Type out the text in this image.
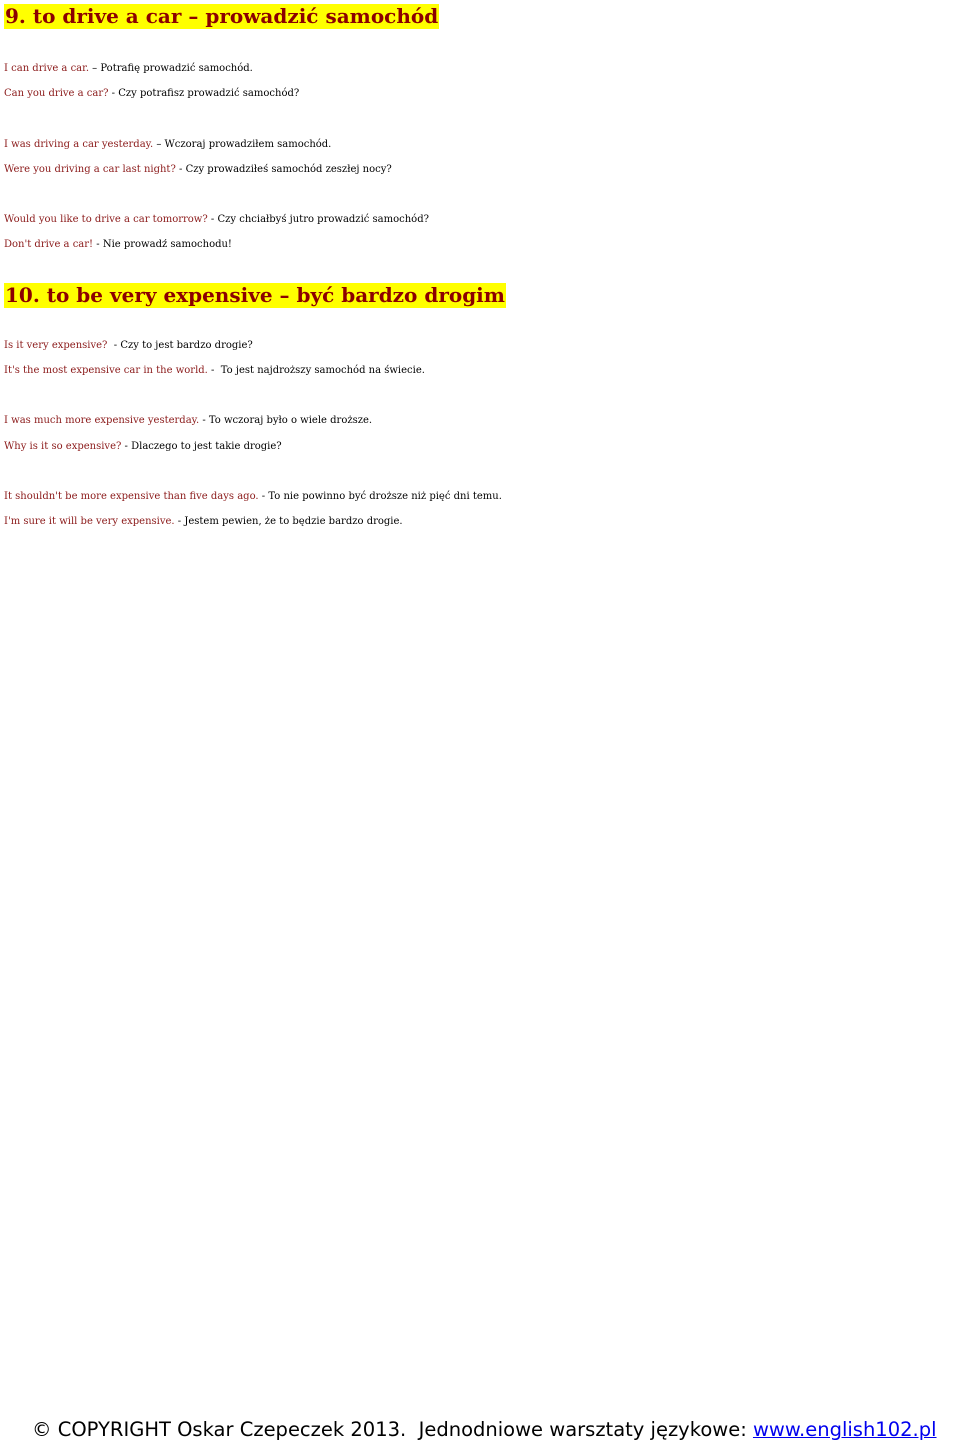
9. to drive a car – prowadzić samochód
I can drive a car. – Potrafię prowadzić samochód.
Can you drive a car? - Czy potrafisz prowadzić samochód?
I was driving a car yesterday. – Wczoraj prowadziłem samochód.
Were you driving a car last night? - Czy prowadziłeś samochód zeszłej nocy?
Would you like to drive a car tomorrow? - Czy chciałbyś jutro prowadzić samochód?
Don't drive a car! - Nie prowadź samochodu!
10. to be very expensive – być bardzo drogim
Is it very expensive?  - Czy to jest bardzo drogie?
It's the most expensive car in the world. -  To jest najdroższy samochód na świecie.
I was much more expensive yesterday. - To wczoraj było o wiele droższe.
Why is it so expensive? - Dlaczego to jest takie drogie?
It shouldn't be more expensive than five days ago. - To nie powinno być droższe niż pięć dni temu.
I'm sure it will be very expensive. - Jestem pewien, że to będzie bardzo drogie.
© COPYRIGHT Oskar Czepeczek 2013.  Jednodniowe warsztaty językowe: www.english102.pl
